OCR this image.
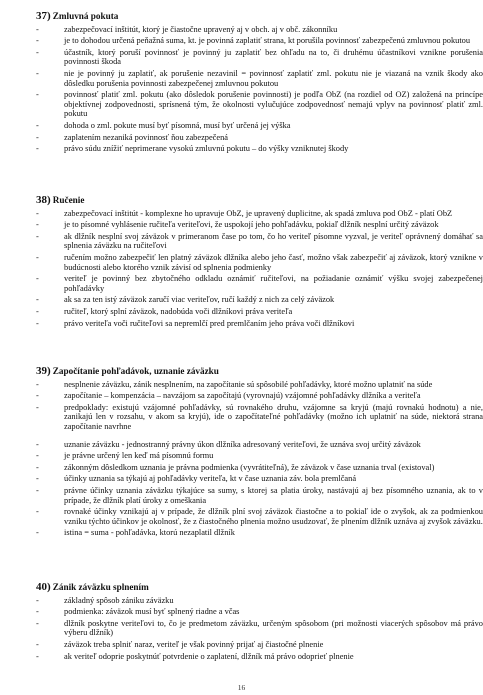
37) Zmluvná pokuta
-	zabezpečovací inštitút, ktorý je čiastočne upravený aj v obch. aj v obč. zákonníku
-	je to dohodou určená peňažná suma, kt. je povinná zaplatiť strana, kt porušila povinnosť zabezpečenú zmluvnou pokutou
-	účastník, ktorý poruší povinnosť je povinný ju zaplatiť bez ohľadu na to, či druhému účastníkovi vznikne porušenia povinnosti škoda
-	nie je povinný ju zaplatiť, ak porušenie nezavinil = povinnosť zaplatiť zml. pokutu nie je viazaná na vznik škody ako dôsledku porušenia povinnosti zabezpečenej zmluvnou pokutou
-	povinnosť platiť zml. pokutu (ako dôsledok porušenie povinnosti) je podľa ObZ (na rozdiel od OZ) založená na princípe objektívnej zodpovednosti, sprísnená tým, že okolnosti vylučujúce zodpovednosť nemajú vplyv na povinnosť platiť zml. pokutu
-	dohoda o zml. pokute musí byť písomná, musí byť určená jej výška
-	zaplatením nezaniká povinnosť ňou zabezpečená
-	právo súdu znížiť neprimerane vysokú zmluvnú pokutu – do výšky vzniknutej škody
38) Ručenie
-	zabezpečovací inštitút - komplexne ho upravuje ObZ, je upravený duplicitne, ak spadá zmluva pod ObZ - platí ObZ
-	je to písomné vyhlásenie ručiteľa veriteľovi, že uspokojí jeho pohľadávku, pokiaľ dlžník nesplní určitý záväzok
-	ak dlžník nesplní svoj záväzok v primeranom čase po tom, čo ho veriteľ písomne vyzval, je veriteľ oprávnený domáhať sa splnenia záväzku na ručiteľovi
-	ručením možno zabezpečiť len platný záväzok dlžníka alebo jeho časť, možno však zabezpečiť aj záväzok, ktorý vznikne v budúcnosti alebo ktorého vznik závisí od splnenia podmienky
-	veriteľ je povinný bez zbytočného odkladu oznámiť ručiteľovi, na požiadanie oznámiť výšku svojej zabezpečenej pohľadávky
-	ak sa za ten istý záväzok zaručí viac veriteľov, ručí každý z nich za celý záväzok
-	ručiteľ, ktorý splní záväzok, nadobúda voči dlžníkovi práva veriteľa
-	právo veriteľa voči ručiteľovi sa nepremlčí pred premlčaním jeho práva voči dlžníkovi
39) Započítanie pohľadávok, uznanie záväzku
-	nesplnenie záväzku, zánik nesplnením, na započítanie sú spôsobilé pohľadávky, ktoré možno uplatniť na súde
-	započítanie – kompenzácia – navzájom sa započítajú (vyrovnajú) vzájomné pohľadávky dlžníka a veriteľa
-	predpoklady: existujú vzájomné pohľadávky, sú rovnakého druhu, vzájomne sa kryjú (majú rovnakú hodnotu) a nie, zanikajú len v rozsahu, v akom sa kryjú), ide o započítateľné pohľadávky (možno ich uplatniť na súde, niektorá strana započítanie navrhne
-	uznanie záväzku - jednostranný právny úkon dlžníka adresovaný veriteľovi, že uznáva svoj určitý záväzok
-	je právne určený len keď má písomnú formu
-	zákonným dôsledkom uznania je právna podmienka (vyvrátiteľná), že záväzok v čase uznania trval (existoval)
-	účinky uznania sa týkajú aj pohľadávky veriteľa, kt v čase uznania záv. bola premlčaná
-	právne účinky uznania záväzku týkajúce sa sumy, s ktorej sa platia úroky, nastávajú aj bez písomného uznania, ak to v prípade, že dlžník platí úroky z omeškania
-	rovnaké účinky vznikajú aj v prípade, že dlžník plní svoj záväzok čiastočne a to pokiaľ ide o zvyšok, ak za podmienkou vzniku týchto účinkov je okolnosť, že z čiastočného plnenia možno usudzovať, že plnením dlžník uznáva aj zvyšok záväzku.
-	istina = suma - pohľadávka, ktorú nezaplatil dlžník
40) Zánik záväzku splnením
-	základný spôsob zániku záväzku
-	podmienka: záväzok musí byť splnený riadne a včas
-	dlžník poskytne veriteľovi to, čo je predmetom záväzku, určeným spôsobom (pri možnosti viacerých spôsobov má právo výberu dlžník)
-	záväzok treba splniť naraz, veriteľ je však povinný prijať aj čiastočné plnenie
-	ak veriteľ odoprie poskytnúť potvrdenie o zaplatení, dlžník má právo odoprieť plnenie
16
